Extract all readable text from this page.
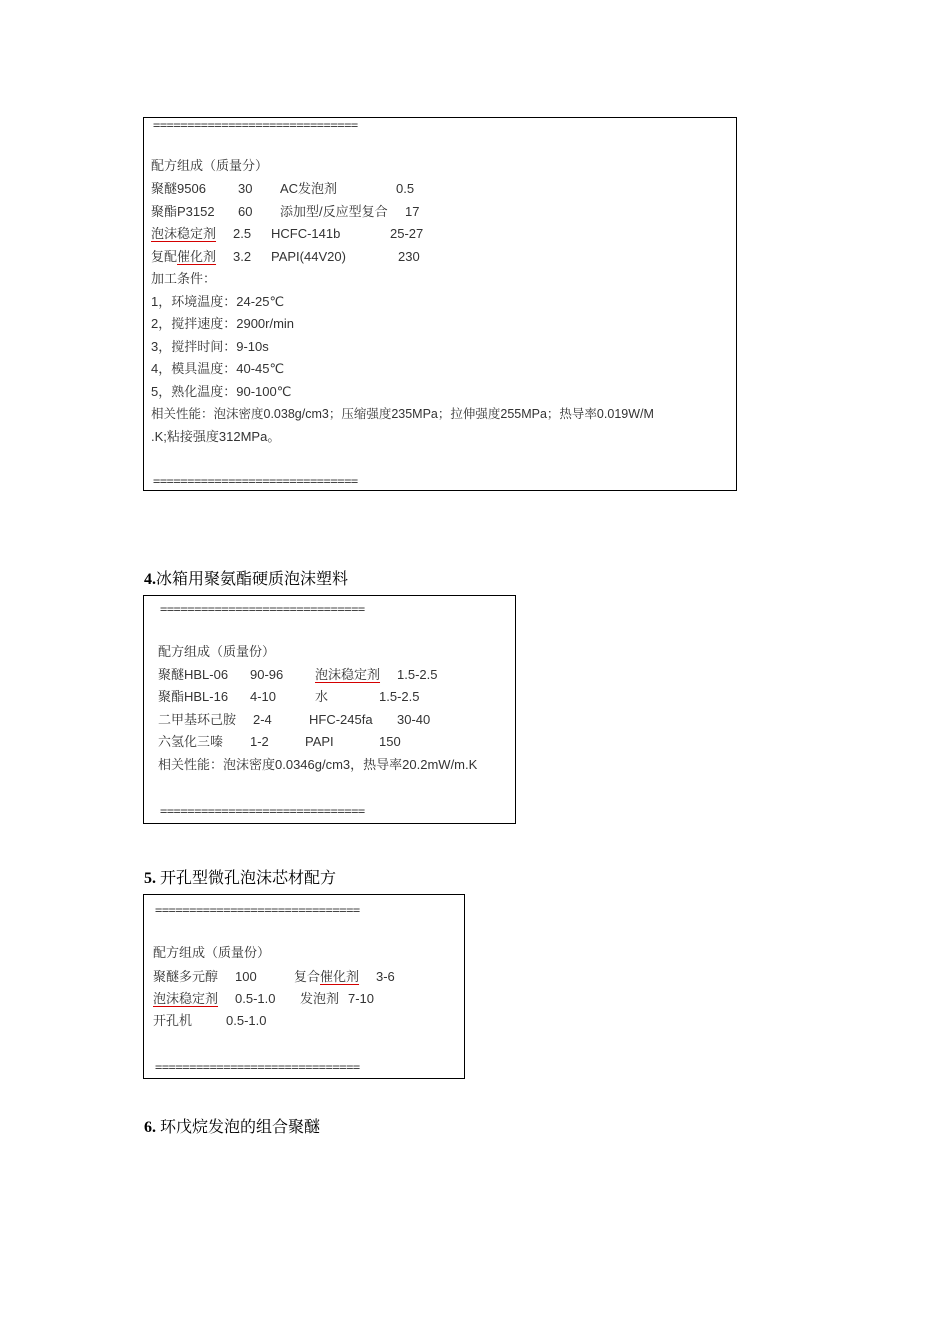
==============================
配方组成（质量分）
聚醚9506 30 AC发泡剂	0.5
聚酯P3152 60 添加型/反应型复合 17
泡沫稳定剂 2.5 HCFC-141b	25-27
复配催化剂 3.2 PAPI(44V20)	230
加工条件：
1，环境温度：24-25℃
2，搅拌速度：2900r/min
3，搅拌时间：9-10s
4，模具温度：40-45℃
5，熟化温度：90-100℃
相关性能：泡沫密度0.038g/cm3；压缩强度235MPa；拉伸强度255MPa；热导率0.019W/M
.K;粘接强度312MPa。
==============================
4.冰箱用聚氨酯硬质泡沫塑料
==============================
配方组成（质量份）
聚醚HBL-06 90-96 泡沫稳定剂 1.5-2.5
聚酯HBL-16 4-10	水	1.5-2.5
二甲基环己胺 2-4	HFC-245fa 30-40
六氢化三嗪 1-2	PAPI	150
相关性能：泡沫密度0.0346g/cm3，热导率20.2mW/m.K
==============================
5. 开孔型微孔泡沫芯材配方
==============================
配方组成（质量份）
聚醚多元醇 100	复合催化剂 3-6
泡沫稳定剂 0.5-1.0 发泡剂 7-10
开孔机	0.5-1.0
==============================
6. 环戊烷发泡的组合聚醚
